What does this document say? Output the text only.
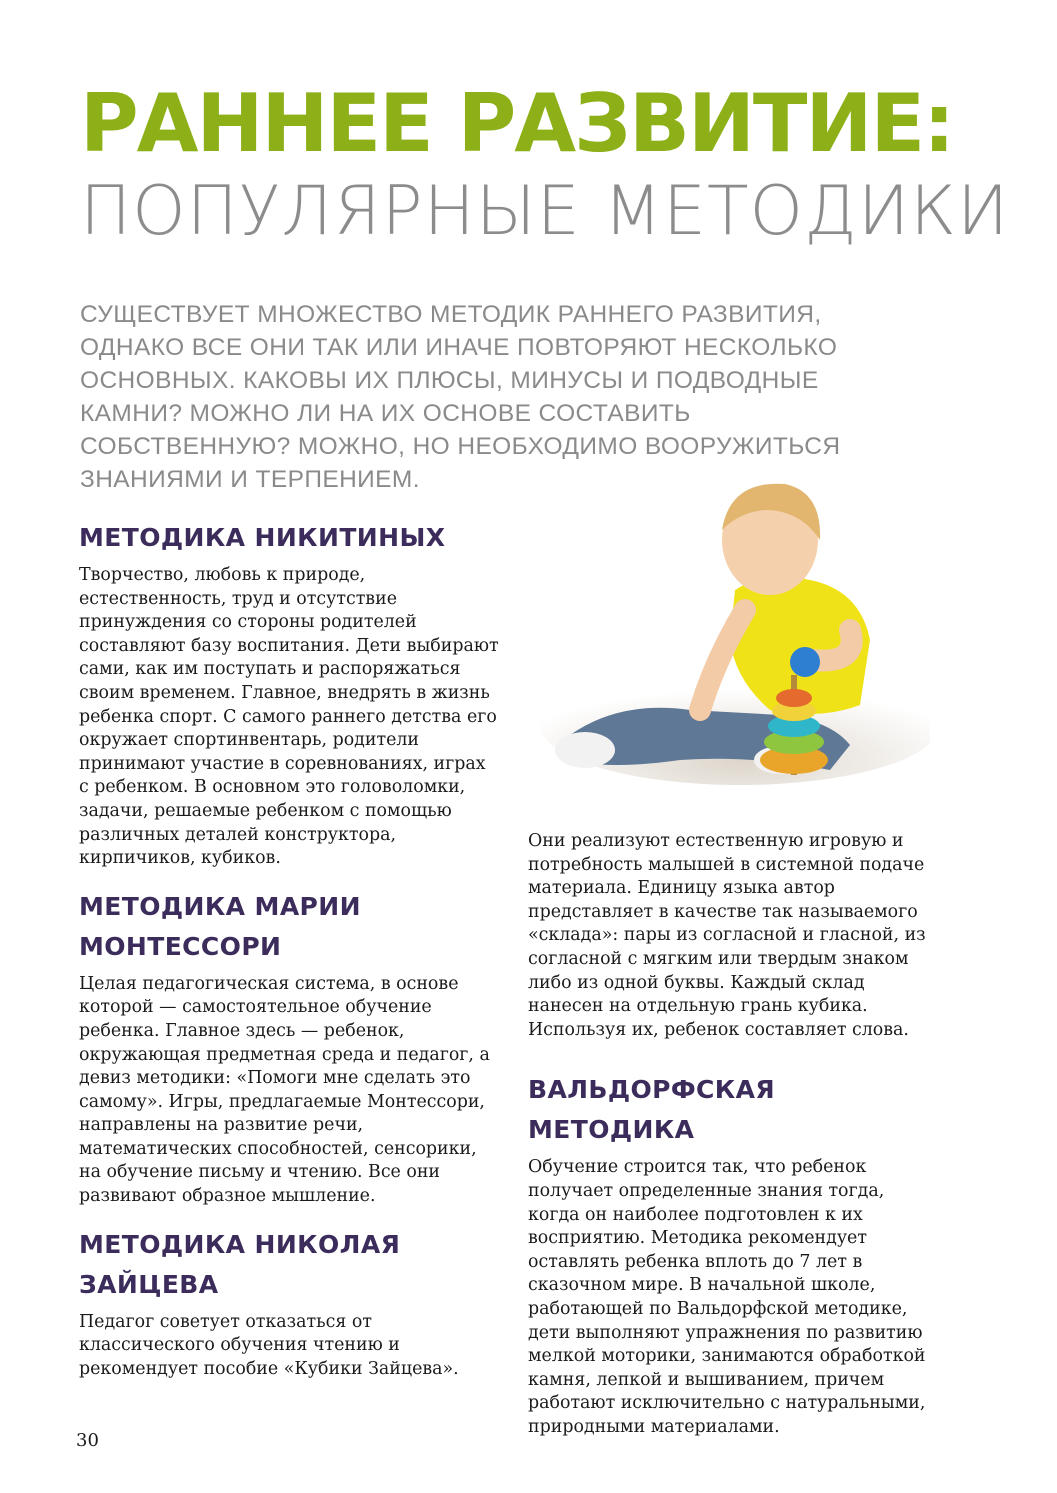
РАННЕЕ РАЗВИТИЕ:

ПОПУЛЯРНЫЕ МЕТОДИКИ

СУЩЕСТВУЕТ МНОЖЕСТВО МЕТОДИК РАННЕГО РАЗВИТИЯ, ОДНАКО ВСЕ ОНИ ТАК ИЛИ ИНАЧЕ ПОВТОРЯЮТ НЕСКОЛЬКО ОСНОВНЫХ. КАКОВЫ ИХ ПЛЮСЫ, МИНУСЫ И ПОДВОДНЫЕ КАМНИ? МОЖНО ЛИ НА ИХ ОСНОВЕ СОСТАВИТЬ СОБСТВЕННУЮ? МОЖНО, НО НЕОБХОДИМО ВООРУЖИТЬСЯ ЗНАНИЯМИ И ТЕРПЕНИЕМ.

МЕТОДИКА НИКИТИНЫХ

Творчество, любовь к природе, естественность, труд и отсутствие принуждения со стороны родителей составляют базу воспитания. Дети выбирают сами, как им поступать и распоряжаться своим временем. Главное, внедрять в жизнь ребенка спорт. С самого раннего детства его окружает спортинвентарь, родители принимают участие в соревнованиях, играх с ребенком. В основном это головоломки, задачи, решаемые ребенком с помощью различных деталей конструктора, кирпичиков, кубиков.

МЕТОДИКА МАРИИ МОНТЕССОРИ

Целая педагогическая система, в основе которой — самостоятельное обучение ребенка. Главное здесь — ребенок, окружающая предметная среда и педагог, а девиз методики: «Помоги мне сделать это самому». Игры, предлагаемые Монтессори, направлены на развитие речи, математических способностей, сенсорики, на обучение письму и чтению. Все они развивают образное мышление.

МЕТОДИКА НИКОЛАЯ ЗАЙЦЕВА

Педагог советует отказаться от классического обучения чтению и рекомендует пособие «Кубики Зайцева».

Они реализуют естественную игровую и потребность малышей в системной подаче материала. Единицу языка автор представляет в качестве так называемого «склада»: пары из согласной и гласной, из согласной с мягким или твердым знаком либо из одной буквы. Каждый склад нанесен на отдельную грань кубика. Используя их, ребенок составляет слова.

ВАЛЬДОРФСКАЯ МЕТОДИКА

Обучение строится так, что ребенок получает определенные знания тогда, когда он наиболее подготовлен к их восприятию. Методика рекомендует оставлять ребенка вплоть до 7 лет в сказочном мире. В начальной школе, работающей по Вальдорфской методике, дети выполняют упражнения по развитию мелкой моторики, занимаются обработкой камня, лепкой и вышиванием, причем работают исключительно с натуральными, природными материалами.

30
